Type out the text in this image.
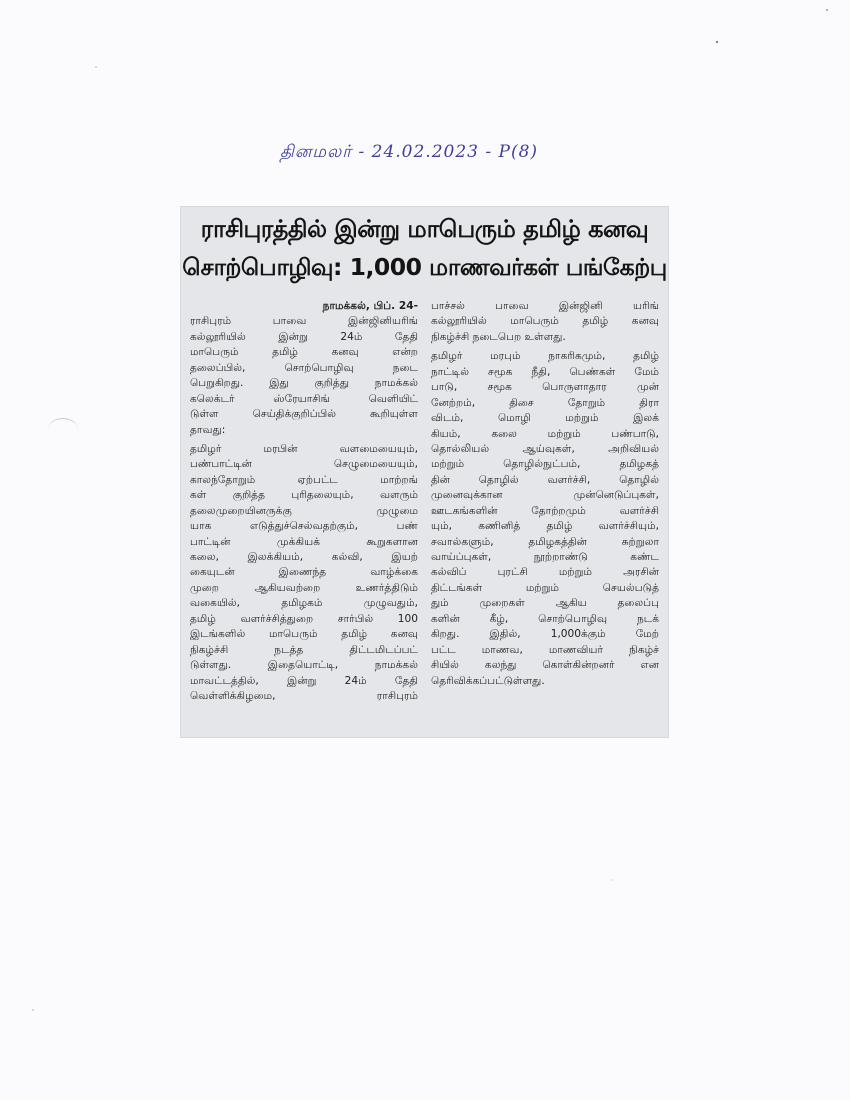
தினமலர் - 24.02.2023 - P(8)
ராசிபுரத்தில் இன்று மாபெரும் தமிழ் கனவு
சொற்பொழிவு: 1,000 மாணவர்கள் பங்கேற்பு
நாமக்கல், பிப். 24-
ராசிபுரம் பாவை இன்ஜினியரிங்
கல்லூரியில் இன்று 24ம் தேதி
மாபெரும் தமிழ் கனவு என்ற
தலைப்பில், சொற்பொழிவு நடை
பெறுகிறது. இது குறித்து நாமக்கல்
கலெக்டர் ஸ்ரேயாசிங் வெளியிட்
டுள்ள செய்திக்குறிப்பில் கூறியுள்ள
தாவது:
தமிழர் மரபின் வளமையையும்,
பண்பாட்டின் செழுமையையும்,
காலந்தோறும் ஏற்பட்ட மாற்றங்
கள் குறித்த புரிதலையும், வளரும்
தலைமுறையினருக்கு முழுமை
யாக எடுத்துச்செல்வதற்கும், பண்
பாட்டின் முக்கியக் கூறுகளான
கலை, இலக்கியம், கல்வி, இயற்
கையுடன் இணைந்த வாழ்க்கை
முறை ஆகியவற்றை உணர்த்திடும்
வகையில், தமிழகம் முழுவதும்,
தமிழ் வளர்ச்சித்துறை சார்பில் 100
இடங்களில் மாபெரும் தமிழ் கனவு
நிகழ்ச்சி நடத்த திட்டமிடப்பட்
டுள்ளது. இதையொட்டி, நாமக்கல்
மாவட்டத்தில், இன்று 24ம் தேதி
வெள்ளிக்கிழமை, ராசிபுரம்
பாச்சல் பாவை இன்ஜினி யரிங்
கல்லூரியில் மாபெரும் தமிழ் கனவு
நிகழ்ச்சி நடைபெற உள்ளது.
தமிழர் மரபும் நாகரிகமும், தமிழ்
நாட்டில் சமூக நீதி, பெண்கள் மேம்
பாடு, சமூக பொருளாதார முன்
னேற்றம், திசை தோறும் திரா
விடம், மொழி மற்றும் இலக்
கியம், கலை மற்றும் பண்பாடு,
தொல்லியல் ஆய்வுகள், அறிவியல்
மற்றும் தொழில்நுட்பம், தமிழகத்
தின் தொழில் வளர்ச்சி, தொழில்
முனைவுக்கான முன்னெடுப்புகள்,
ஊடகங்களின் தோற்றமும் வளர்ச்சி
யும், கணினித் தமிழ் வளர்ச்சியும்,
சவால்களும், தமிழகத்தின் சுற்றுலா
வாய்ப்புகள், நூற்றாண்டு கண்ட
கல்விப் புரட்சி மற்றும் அரசின்
திட்டங்கள் மற்றும் செயல்படுத்
தும் முறைகள் ஆகிய தலைப்பு
களின் கீழ், சொற்பொழிவு நடக்
கிறது. இதில், 1,000க்கும் மேற்
பட்ட மாணவ, மாணவியர் நிகழ்ச்
சியில் கலந்து கொள்கின்றனர் என
தெரிவிக்கப்பட்டுள்ளது.
